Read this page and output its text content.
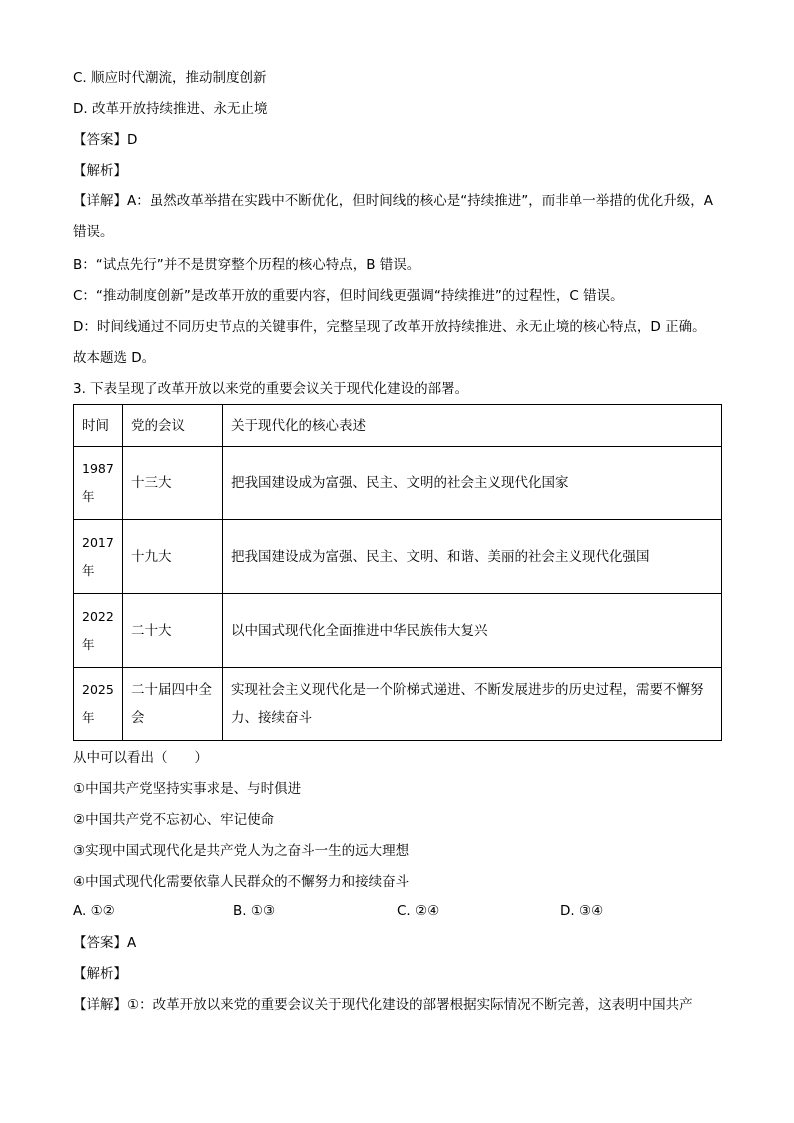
C. 顺应时代潮流，推动制度创新
D. 改革开放持续推进、永无止境
【答案】D
【解析】
【详解】A：虽然改革举措在实践中不断优化，但时间线的核心是“持续推进”，而非单一举措的优化升级，A 错误。
B：“试点先行”并不是贯穿整个历程的核心特点，B 错误。
C：“推动制度创新”是改革开放的重要内容，但时间线更强调“持续推进”的过程性，C 错误。
D：时间线通过不同历史节点的关键事件，完整呈现了改革开放持续推进、永无止境的核心特点，D 正确。
故本题选 D。
3. 下表呈现了改革开放以来党的重要会议关于现代化建设的部署。
时间	党的会议	关于现代化的核心表述
1987
年	十三大	把我国建设成为富强、民主、文明的社会主义现代化国家
2017
年	十九大	把我国建设成为富强、民主、文明、和谐、美丽的社会主义现代化强国
2022
年	二十大	以中国式现代化全面推进中华民族伟大复兴
2025
年	二十届四中全会	实现社会主义现代化是一个阶梯式递进、不断发展进步的历史过程，需要不懈努力、接续奋斗
从中可以看出（　　）
①中国共产党坚持实事求是、与时俱进
②中国共产党不忘初心、牢记使命
③实现中国式现代化是共产党人为之奋斗一生的远大理想
④中国式现代化需要依靠人民群众的不懈努力和接续奋斗
A. ①②	B. ①③	C. ②④	D. ③④
【答案】A
【解析】
【详解】①：改革开放以来党的重要会议关于现代化建设的部署根据实际情况不断完善，这表明中国共产
